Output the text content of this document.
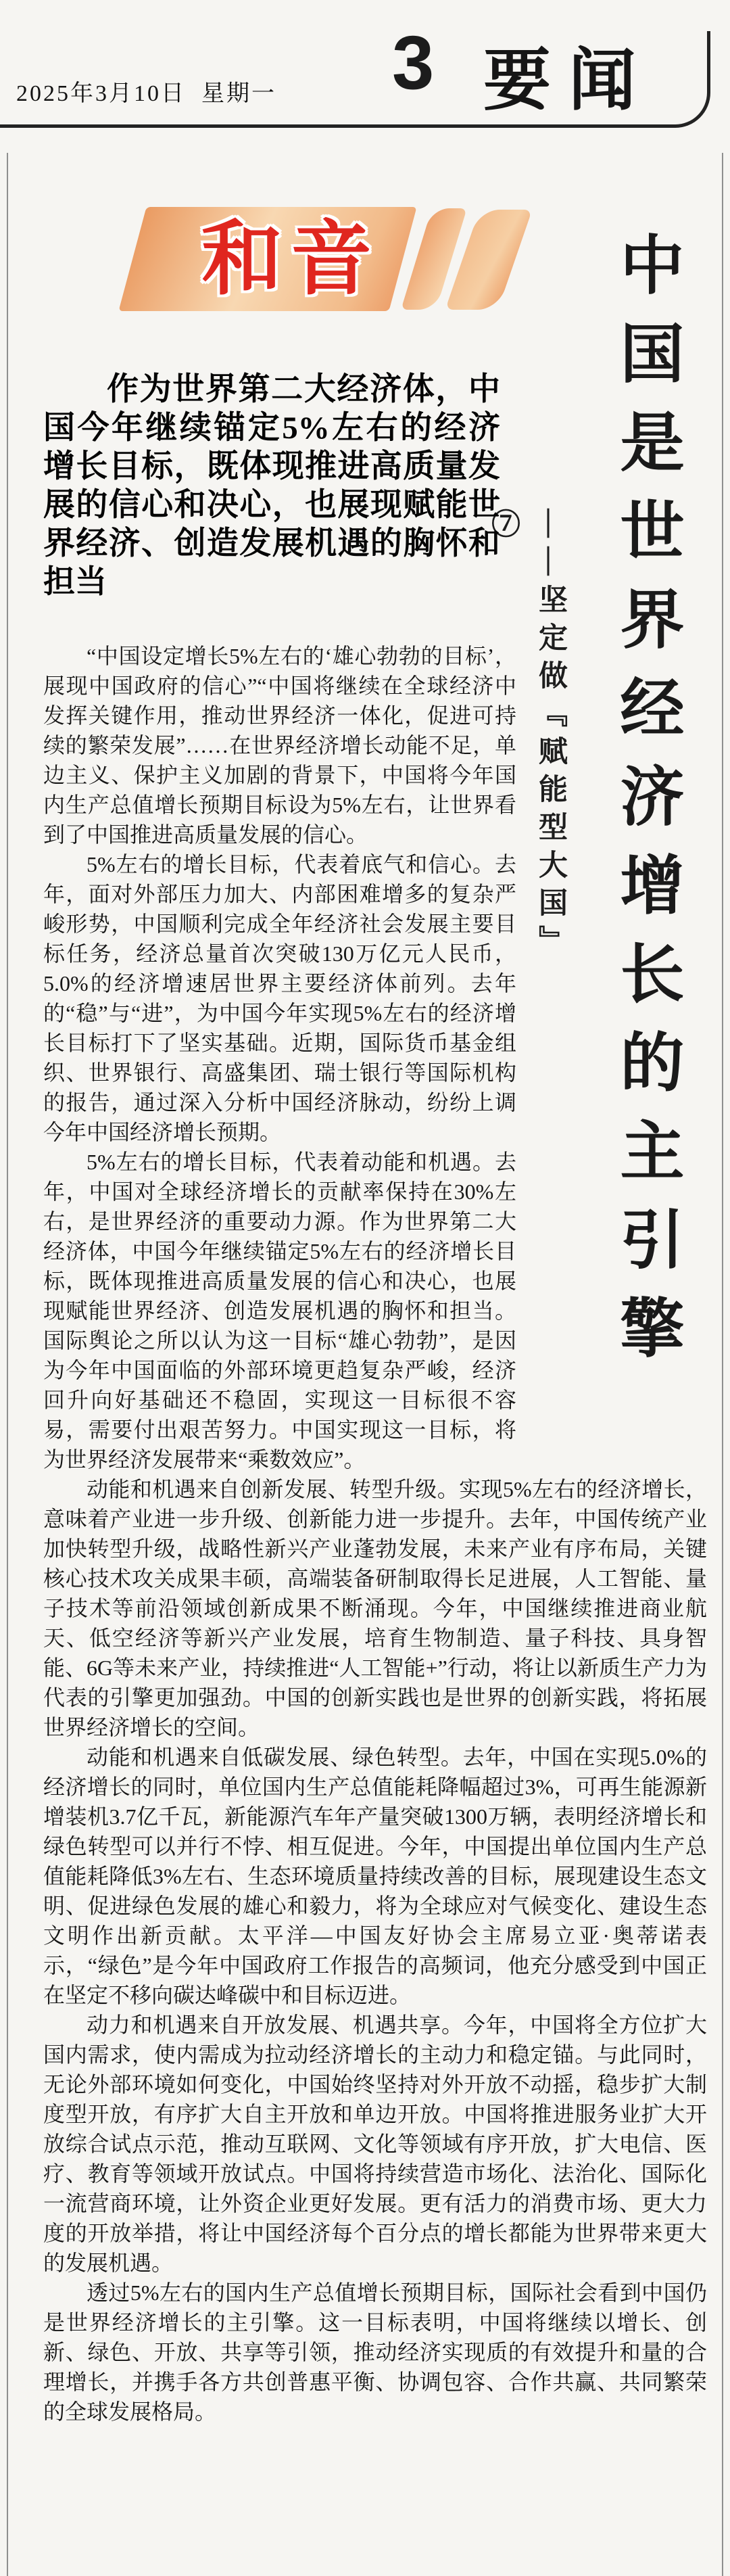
2025年3月10日  星期一 3 要闻
和音	中国是世界经济增长的主引擎
——坚定做『赋能型大国』⑦
作为世界第二大经济体，中国今年继续锚定5%左右的经济增长目标，既体现推进高质量发展的信心和决心，也展现赋能世界经济、创造发展机遇的胸怀和担当

“中国设定增长5%左右的‘雄心勃勃的目标’，展现中国政府的信心”“中国将继续在全球经济中发挥关键作用，推动世界经济一体化，促进可持续的繁荣发展”……在世界经济增长动能不足，单边主义、保护主义加剧的背景下，中国将今年国内生产总值增长预期目标设为5%左右，让世界看到了中国推进高质量发展的信心。

5%左右的增长目标，代表着底气和信心。去年，面对外部压力加大、内部困难增多的复杂严峻形势，中国顺利完成全年经济社会发展主要目标任务，经济总量首次突破130万亿元人民币，5.0%的经济增速居世界主要经济体前列。去年的“稳”与“进”，为中国今年实现5%左右的经济增长目标打下了坚实基础。近期，国际货币基金组织、世界银行、高盛集团、瑞士银行等国际机构的报告，通过深入分析中国经济脉动，纷纷上调今年中国经济增长预期。

5%左右的增长目标，代表着动能和机遇。去年，中国对全球经济增长的贡献率保持在30%左右，是世界经济的重要动力源。作为世界第二大经济体，中国今年继续锚定5%左右的经济增长目标，既体现推进高质量发展的信心和决心，也展现赋能世界经济、创造发展机遇的胸怀和担当。国际舆论之所以认为这一目标“雄心勃勃”，是因为今年中国面临的外部环境更趋复杂严峻，经济回升向好基础还不稳固，实现这一目标很不容易，需要付出艰苦努力。中国实现这一目标，将为世界经济发展带来“乘数效应”。

动能和机遇来自创新发展、转型升级。实现5%左右的经济增长，意味着产业进一步升级、创新能力进一步提升。去年，中国传统产业加快转型升级，战略性新兴产业蓬勃发展，未来产业有序布局，关键核心技术攻关成果丰硕，高端装备研制取得长足进展，人工智能、量子技术等前沿领域创新成果不断涌现。今年，中国继续推进商业航天、低空经济等新兴产业发展，培育生物制造、量子科技、具身智能、6G等未来产业，持续推进“人工智能+”行动，将让以新质生产力为代表的引擎更加强劲。中国的创新实践也是世界的创新实践，将拓展世界经济增长的空间。

动能和机遇来自低碳发展、绿色转型。去年，中国在实现5.0%的经济增长的同时，单位国内生产总值能耗降幅超过3%，可再生能源新增装机3.7亿千瓦，新能源汽车年产量突破1300万辆，表明经济增长和绿色转型可以并行不悖、相互促进。今年，中国提出单位国内生产总值能耗降低3%左右、生态环境质量持续改善的目标，展现建设生态文明、促进绿色发展的雄心和毅力，将为全球应对气候变化、建设生态文明作出新贡献。太平洋—中国友好协会主席易立亚·奥蒂诺表示，“绿色”是今年中国政府工作报告的高频词，他充分感受到中国正在坚定不移向碳达峰碳中和目标迈进。

动力和机遇来自开放发展、机遇共享。今年，中国将全方位扩大国内需求，使内需成为拉动经济增长的主动力和稳定锚。与此同时，无论外部环境如何变化，中国始终坚持对外开放不动摇，稳步扩大制度型开放，有序扩大自主开放和单边开放。中国将推进服务业扩大开放综合试点示范，推动互联网、文化等领域有序开放，扩大电信、医疗、教育等领域开放试点。中国将持续营造市场化、法治化、国际化一流营商环境，让外资企业更好发展。更有活力的消费市场、更大力度的开放举措，将让中国经济每个百分点的增长都能为世界带来更大的发展机遇。

透过5%左右的国内生产总值增长预期目标，国际社会看到中国仍是世界经济增长的主引擎。这一目标表明，中国将继续以增长、创新、绿色、开放、共享等引领，推动经济实现质的有效提升和量的合理增长，并携手各方共创普惠平衡、协调包容、合作共赢、共同繁荣的全球发展格局。
